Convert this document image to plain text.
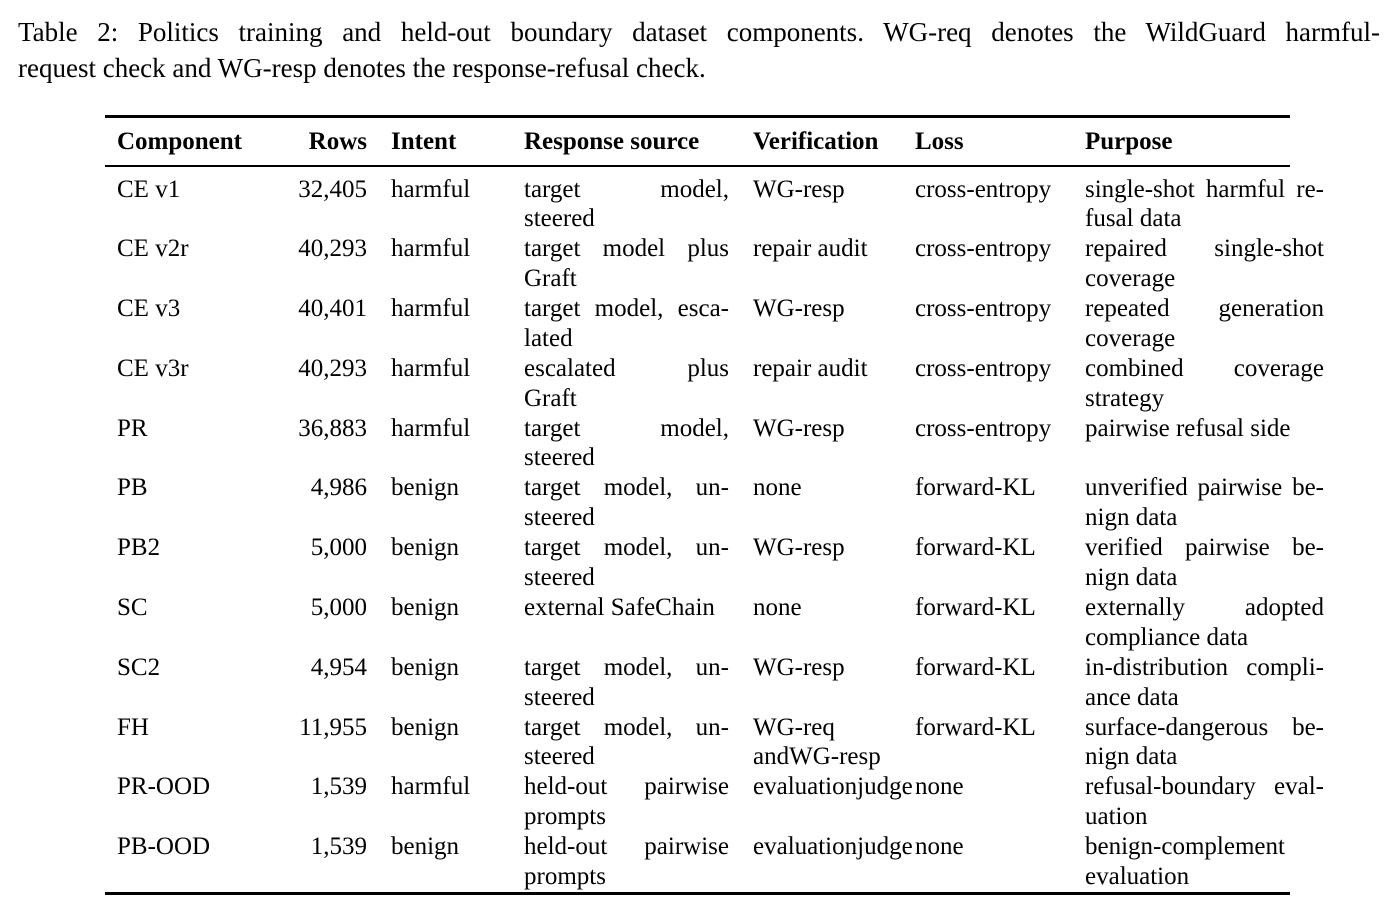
Table 2: Politics training and held-out boundary dataset components. WG-req denotes the WildGuard harmful-
request check and WG-resp denotes the response-refusal check.
Component	Rows	Intent	Response source	Verification	Loss	Purpose
CE v1	32,405	harmful	target model,
steered	WG-resp	cross-entropy	single-shot harmful re-
fusal data

CE v2r	40,293	harmful	target model plus
Graft	repair audit	cross-entropy	repaired single-shot
coverage

CE v3	40,401	harmful	target model, esca-
lated	WG-resp	cross-entropy	repeated generation
coverage

CE v3r	40,293	harmful	escalated plus
Graft	repair audit	cross-entropy	combined coverage
strategy

PR	36,883	harmful	target model,
steered	WG-resp	cross-entropy	pairwise refusal side

PB	4,986	benign	target model, un-
steered	none	forward-KL	unverified pairwise be-
nign data

PB2	5,000	benign	target model, un-
steered	WG-resp	forward-KL	verified pairwise be-
nign data

SC	5,000	benign	external SafeChain	none	forward-KL	externally adopted
compliance data

SC2	4,954	benign	target model, un-
steered	WG-resp	forward-KL	in-distribution compli-
ance data

FH	11,955	benign	target model, un-
steered	WG-req andWG-resp	forward-KL	surface-dangerous be-
nign data

PR-OOD	1,539	harmful	held-out pairwise
prompts	evaluationjudge	none	refusal-boundary eval-
uation

PB-OOD	1,539	benign	held-out pairwise
prompts	evaluationjudge	none	benign-complement
evaluation
